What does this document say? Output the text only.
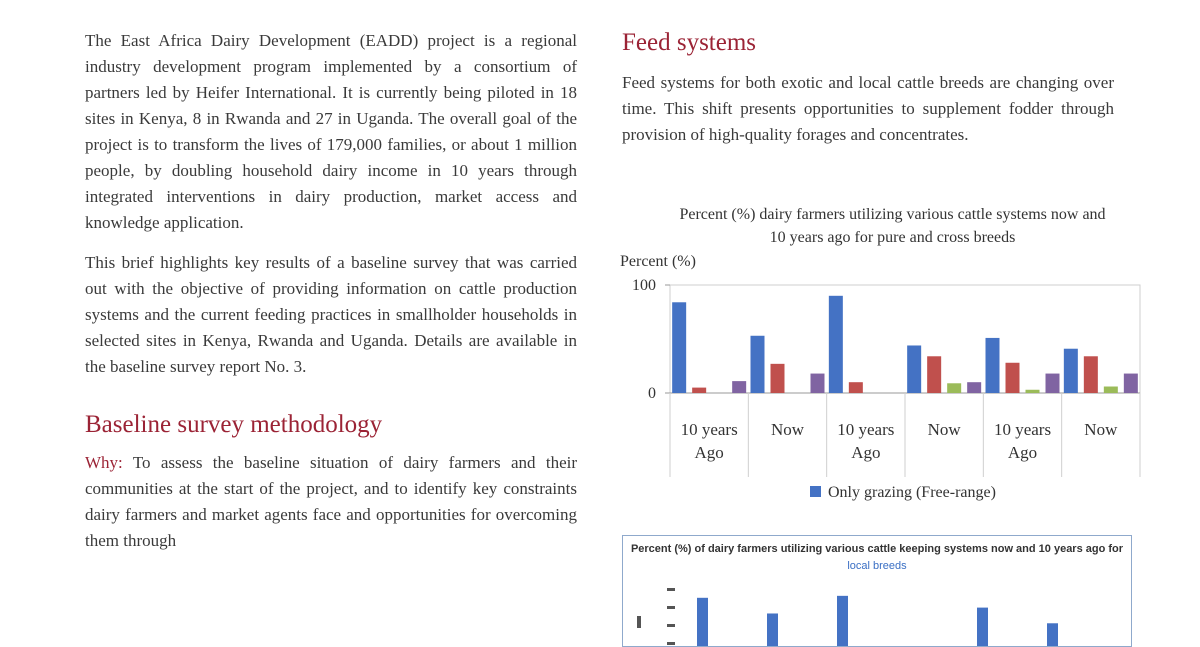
The East Africa Dairy Development (EADD) project is a regional industry development program implemented by a consortium of partners led by Heifer International. It is currently being piloted in 18 sites in Kenya, 8 in Rwanda and 27 in Uganda. The overall goal of the project is to transform the lives of 179,000 families, or about 1 million people, by doubling household dairy income in 10 years through integrated interventions in dairy production, market access and knowledge application.

This brief highlights key results of a baseline survey that was carried out with the objective of providing information on cattle production systems and the current feeding practices in smallholder households in selected sites in Kenya, Rwanda and Uganda. Details are available in the baseline survey report No. 3.

Baseline survey methodology

Why: To assess the baseline situation of dairy farmers and their communities at the start of the project, and to identify key constraints dairy farmers and market agents face and opportunities for overcoming them through

Feed systems

Feed systems for both exotic and local cattle breeds are changing over time. This shift presents opportunities to supplement fodder through provision of high-quality forages and concentrates.

Percent (%) dairy farmers utilizing various cattle systems now and 10 years ago for pure and cross breeds
Percent (%)
100
0
10 years Ago
Now 10 years Ago
Now 10 years Ago
Now
Only grazing (Free-range)
Percent (%) of dairy farmers utilizing various cattle keeping systems now and 10 years ago for local breeds
